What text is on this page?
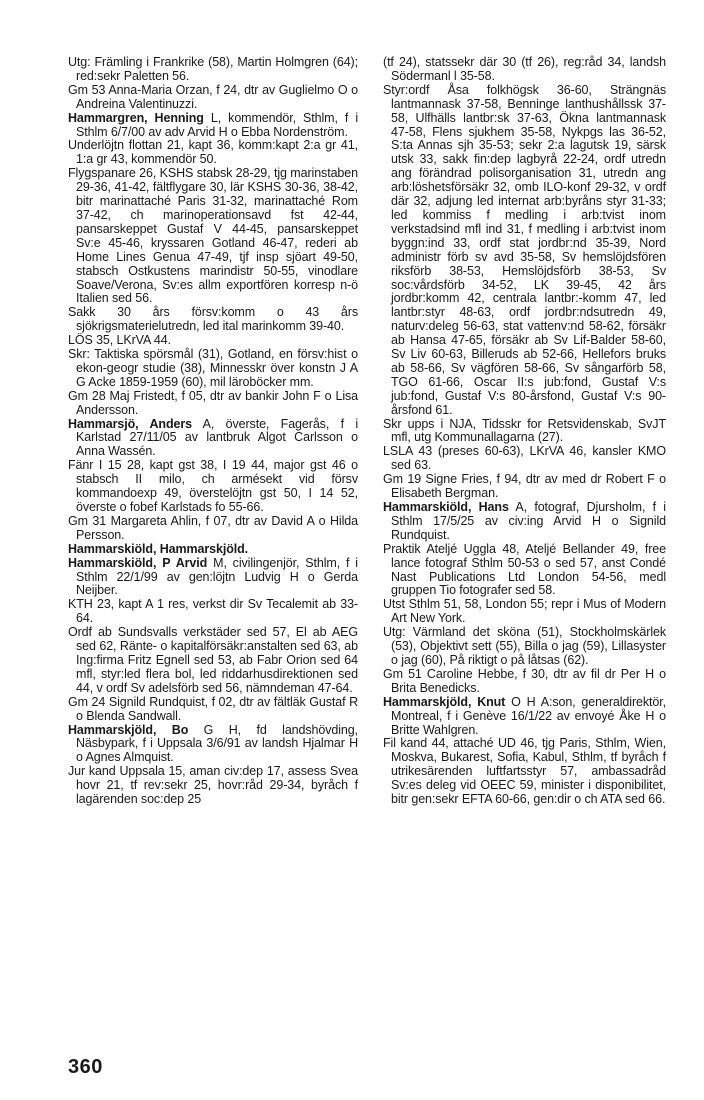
Utg: Främling i Frankrike (58), Martin Holmgren (64); red:sekr Paletten 56.

Gm 53 Anna-Maria Orzan, f 24, dtr av Guglielmo O o Andreina Valentinuzzi.

Hammargren, Henning L, kommendör, Sthlm, f i Sthlm 6/7/00 av adv Arvid H o Ebba Nordenström.

Underlöjtn flottan 21, kapt 36, komm:kapt 2:a gr 41, 1:a gr 43, kommendör 50.

Flygspanare 26, KSHS stabsk 28-29, tjg marinstaben 29-36, 41-42, fältflygare 30, lär KSHS 30-36, 38-42, bitr marinattaché Paris 31-32, marinattaché Rom 37-42, ch marinoperationsavd fst 42-44, pansarskeppet Gustaf V 44-45, pansarskeppet Sv:e 45-46, kryssaren Gotland 46-47, rederi ab Home Lines Genua 47-49, tjf insp sjöart 49-50, stabsch Ostkustens marindistr 50-55, vinodlare Soave/Verona, Sv:es allm exportfören korresp n-ö Italien sed 56.

Sakk 30 års försv:komm o 43 års sjökrigsmaterielutredn, led ital marinkomm 39-40.

LÖS 35, LKrVA 44.

Skr: Taktiska spörsmål (31), Gotland, en försv:hist o ekon-geogr studie (38), Minnesskr över konstn J A G Acke 1859-1959 (60), mil läroböcker mm.

Gm 28 Maj Fristedt, f 05, dtr av bankir John F o Lisa Andersson.

Hammarsjö, Anders A, överste, Fagerås, f i Karlstad 27/11/05 av lantbruk Algot Carlsson o Anna Wassén.

Fänr I 15 28, kapt gst 38, I 19 44, major gst 46 o stabsch II milo, ch armésekt vid försv kommandoexp 49, överstelöjtn gst 50, I 14 52, överste o fobef Karlstads fo 55-66.

Gm 31 Margareta Ahlin, f 07, dtr av David A o Hilda Persson.

Hammarskiöld, Hammarskjöld.

Hammarskiöld, P Arvid M, civilingenjör, Sthlm, f i Sthlm 22/1/99 av gen:löjtn Ludvig H o Gerda Neijber.

KTH 23, kapt A 1 res, verkst dir Sv Tecalemit ab 33-64.

Ordf ab Sundsvalls verkstäder sed 57, El ab AEG sed 62, Ränte- o kapitalförsäkr:anstalten sed 63, ab Ing:firma Fritz Egnell sed 53, ab Fabr Orion sed 64 mfl, styr:led flera bol, led riddarhusdirektionen sed 44, v ordf Sv adelsförb sed 56, nämndeman 47-64.

Gm 24 Signild Rundquist, f 02, dtr av fältläk Gustaf R o Blenda Sandwall.

Hammarskjöld, Bo G H, fd landshövding, Näsbypark, f i Uppsala 3/6/91 av landsh Hjalmar H o Agnes Almquist.

Jur kand Uppsala 15, aman civ:dep 17, assess Svea hovr 21, tf rev:sekr 25, hovr:råd 29-34, byråch f lagärenden soc:dep 25

(tf 24), statssekr där 30 (tf 26), reg:råd 34, landsh Södermanl l 35-58.

Styr:ordf Åsa folkhögsk 36-60, Strängnäs lantmannask 37-58, Benninge lanthushållssk 37-58, Ulfhälls lantbr:sk 37-63, Ökna lantmannask 47-58, Flens sjukhem 35-58, Nykpgs las 36-52, S:ta Annas sjh 35-53; sekr 2:a lagutsk 19, särsk utsk 33, sakk fin:dep lagbyrå 22-24, ordf utredn ang förändrad polisorganisation 31, utredn ang arb:löshetsförsäkr 32, omb ILO-konf 29-32, v ordf där 32, adjung led internat arb:byråns styr 31-33; led kommiss f medling i arb:tvist inom verkstadsind mfl ind 31, f medling i arb:tvist inom byggn:ind 33, ordf stat jordbr:nd 35-39, Nord administr förb sv avd 35-58, Sv hemslöjdsfören riksförb 38-53, Hemslöjdsförb 38-53, Sv soc:vårdsförb 34-52, LK 39-45, 42 års jordbr:komm 42, centrala lantbr:-komm 47, led lantbr:styr 48-63, ordf jordbr:ndsutredn 49, naturv:deleg 56-63, stat vattenv:nd 58-62, försäkr ab Hansa 47-65, försäkr ab Sv Lif-Balder 58-60, Sv Liv 60-63, Billeruds ab 52-66, Hellefors bruks ab 58-66, Sv vägfören 58-66, Sv sångarförb 58, TGO 61-66, Oscar II:s jub:fond, Gustaf V:s jub:fond, Gustaf V:s 80-årsfond, Gustaf V:s 90-årsfond 61.

Skr upps i NJA, Tidsskr for Retsvidenskab, SvJT mfl, utg Kommunallagarna (27).

LSLA 43 (preses 60-63), LKrVA 46, kansler KMO sed 63.

Gm 19 Signe Fries, f 94, dtr av med dr Robert F o Elisabeth Bergman.

Hammarskiöld, Hans A, fotograf, Djursholm, f i Sthlm 17/5/25 av civ:ing Arvid H o Signild Rundquist.

Praktik Ateljé Uggla 48, Ateljé Bellander 49, free lance fotograf Sthlm 50-53 o sed 57, anst Condé Nast Publications Ltd London 54-56, medl gruppen Tio fotografer sed 58.

Utst Sthlm 51, 58, London 55; repr i Mus of Modern Art New York.

Utg: Värmland det sköna (51), Stockholmskärlek (53), Objektivt sett (55), Billa o jag (59), Lillasyster o jag (60), På riktigt o på låtsas (62).

Gm 51 Caroline Hebbe, f 30, dtr av fil dr Per H o Brita Benedicks.

Hammarskjöld, Knut O H A:son, generaldirektör, Montreal, f i Genève 16/1/22 av envoyé Åke H o Britte Wahlgren.

Fil kand 44, attaché UD 46, tjg Paris, Sthlm, Wien, Moskva, Bukarest, Sofia, Kabul, Sthlm, tf byråch f utrikesärenden luftfartsstyr 57, ambassadråd Sv:es deleg vid OEEC 59, minister i disponibilitet, bitr gen:sekr EFTA 60-66, gen:dir o ch ATA sed 66.

360
